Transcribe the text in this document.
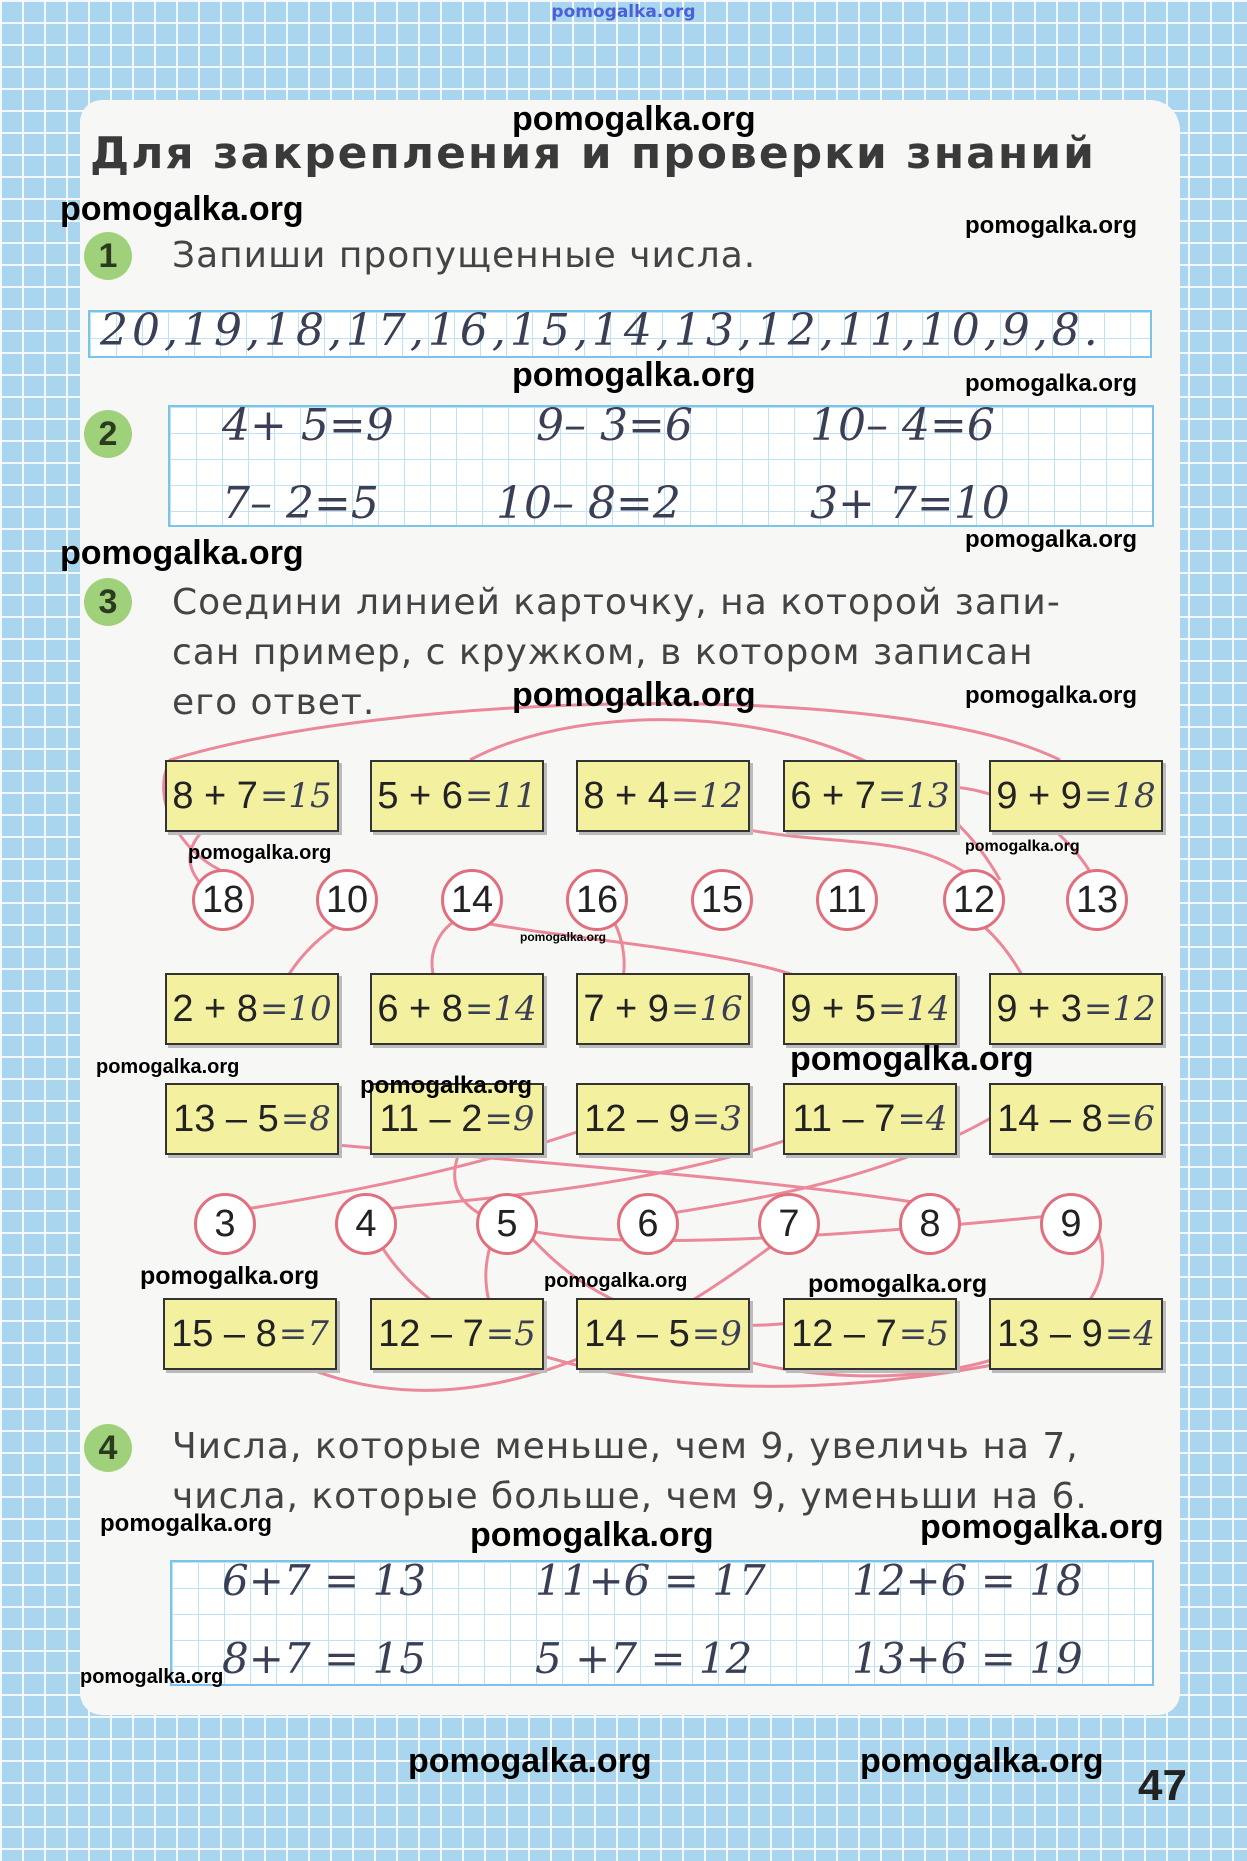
pomogalka.org
Для закрепления и проверки знаний
1	Запиши пропущенные числа.
20,19,18,17,16,15,14,13,12,11,10,9,8.
2	4+ 5=9	9– 3=6	10– 4=6
7– 2=5	10– 8=2	3+ 7=10
3	Соедини линией карточку, на которой запи-
сан пример, с кружком, в котором записан
его ответ.
8 + 7 =15 5 + 6 =11 8 + 4 =12 6 + 7 =13 9 + 9 =18
18 10 14 16 15 11 12 13
2 + 8 =10 6 + 8 =14 7 + 9 =16 9 + 5 =14 9 + 3 =12
13 – 5 =8 11 – 2 =9 12 – 9 =3 11 – 7 =4 14 – 8 =6
3	4	5	6	7	8	9
15 – 8 =7 12 – 7 =5 14 – 5 =9 12 – 7 =5 13 – 9 =4
4	Числа, которые меньше, чем 9, увеличь на 7,
числа, которые больше, чем 9, уменьши на 6.
6+7 = 13	11+6 = 17 12+6 = 18
8+7 = 15	5 +7 = 12 13+6 = 19
pomogalka.org
pomogalka.org	pomogalka.org
pomogalka.org	pomogalka.org
pomogalka.org	pomogalka.org
pomogalka.org	pomogalka.org
pomogalka.org	pomogalka.org
pomogalka.org
pomogalka.org
pomogalka.org
pomogalka.org
pomogalka.org	pomogalka.org	pomogalka.org
pomogalka.org	pomogalka.org	pomogalka.org
pomogalka.org
pomogalka.org	pomogalka.org 47
